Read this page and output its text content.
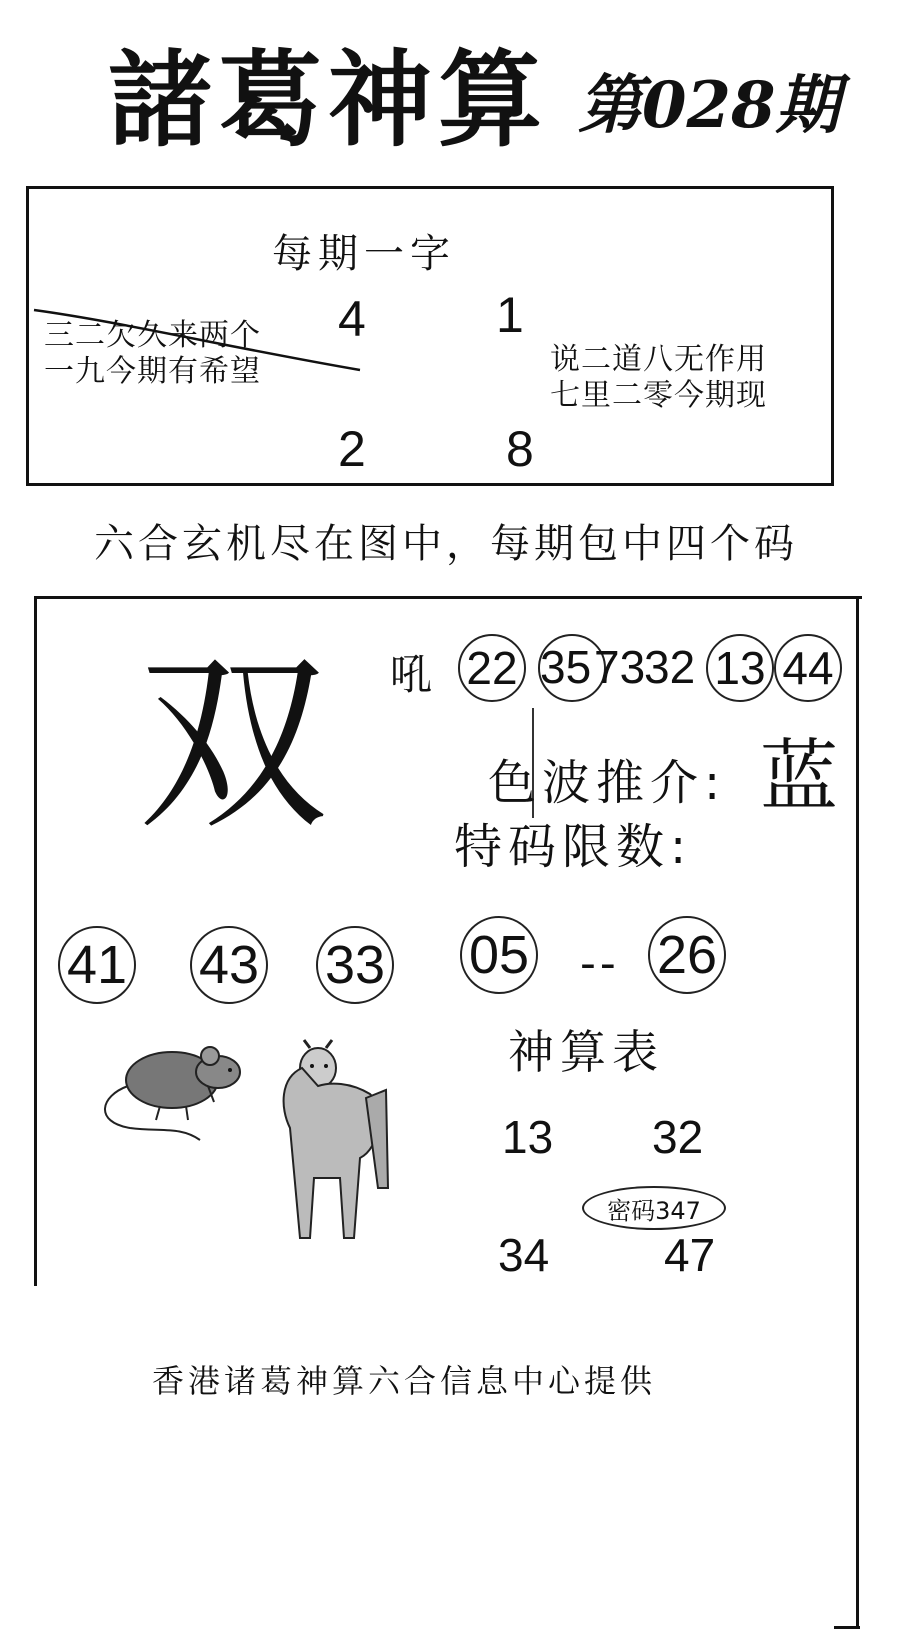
諸葛神算 第028期
每期一字
4	1
2	8
三二欠久来两个
一九今期有希望	说二道八无作用
七里二零今期现
六合玄机尽在图中，每期包中四个码
双 吼 22 35 73
32 13 44
色波推介: 蓝
特码限数:
41 43 33 05 -- 26
神算表
13 32
34 47
密码347
香港诸葛神算六合信息中心提供
